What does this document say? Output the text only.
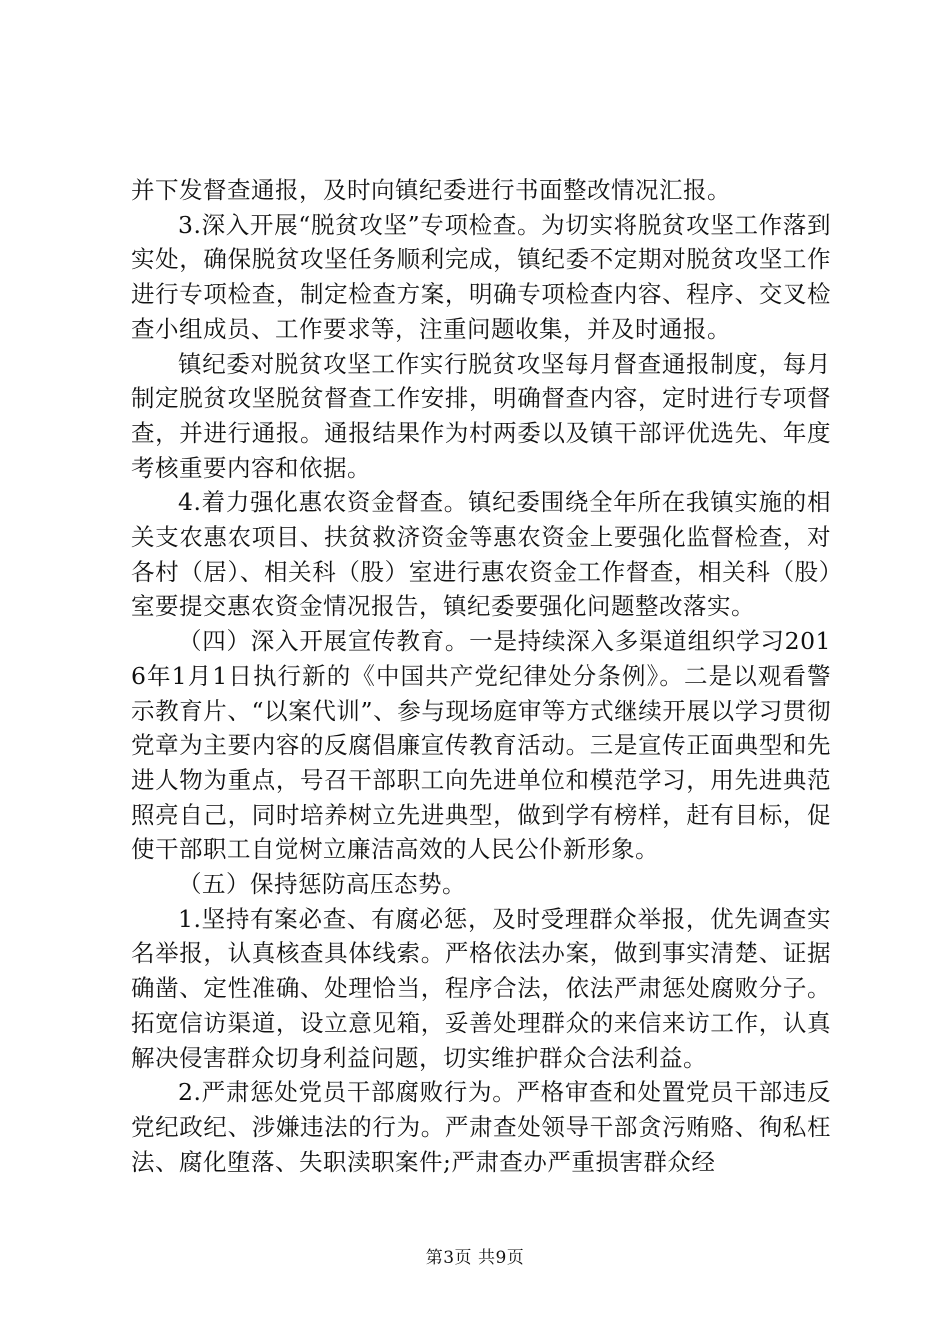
并下发督查通报，及时向镇纪委进行书面整改情况汇报。

3.深入开展“脱贫攻坚”专项检查。为切实将脱贫攻坚工作落到实处，确保脱贫攻坚任务顺利完成，镇纪委不定期对脱贫攻坚工作进行专项检查，制定检查方案，明确专项检查内容、程序、交叉检查小组成员、工作要求等，注重问题收集，并及时通报。

镇纪委对脱贫攻坚工作实行脱贫攻坚每月督查通报制度，每月制定脱贫攻坚脱贫督查工作安排，明确督查内容，定时进行专项督查，并进行通报。通报结果作为村两委以及镇干部评优选先、年度考核重要内容和依据。

4.着力强化惠农资金督查。镇纪委围绕全年所在我镇实施的相关支农惠农项目、扶贫救济资金等惠农资金上要强化监督检查，对各村（居）、相关科（股）室进行惠农资金工作督查，相关科（股）室要提交惠农资金情况报告，镇纪委要强化问题整改落实。

（四）深入开展宣传教育。一是持续深入多渠道组织学习2016年1月1日执行新的《中国共产党纪律处分条例》。二是以观看警示教育片、“以案代训”、参与现场庭审等方式继续开展以学习贯彻党章为主要内容的反腐倡廉宣传教育活动。三是宣传正面典型和先进人物为重点，号召干部职工向先进单位和模范学习，用先进典范照亮自己，同时培养树立先进典型，做到学有榜样，赶有目标，促使干部职工自觉树立廉洁高效的人民公仆新形象。

（五）保持惩防高压态势。

1.坚持有案必查、有腐必惩，及时受理群众举报，优先调查实名举报，认真核查具体线索。严格依法办案，做到事实清楚、证据确凿、定性准确、处理恰当，程序合法，依法严肃惩处腐败分子。拓宽信访渠道，设立意见箱，妥善处理群众的来信来访工作，认真解决侵害群众切身利益问题，切实维护群众合法利益。

2.严肃惩处党员干部腐败行为。严格审查和处置党员干部违反党纪政纪、涉嫌违法的行为。严肃查处领导干部贪污贿赂、徇私枉法、腐化堕落、失职渎职案件;严肃查办严重损害群众经

第3页 共9页
